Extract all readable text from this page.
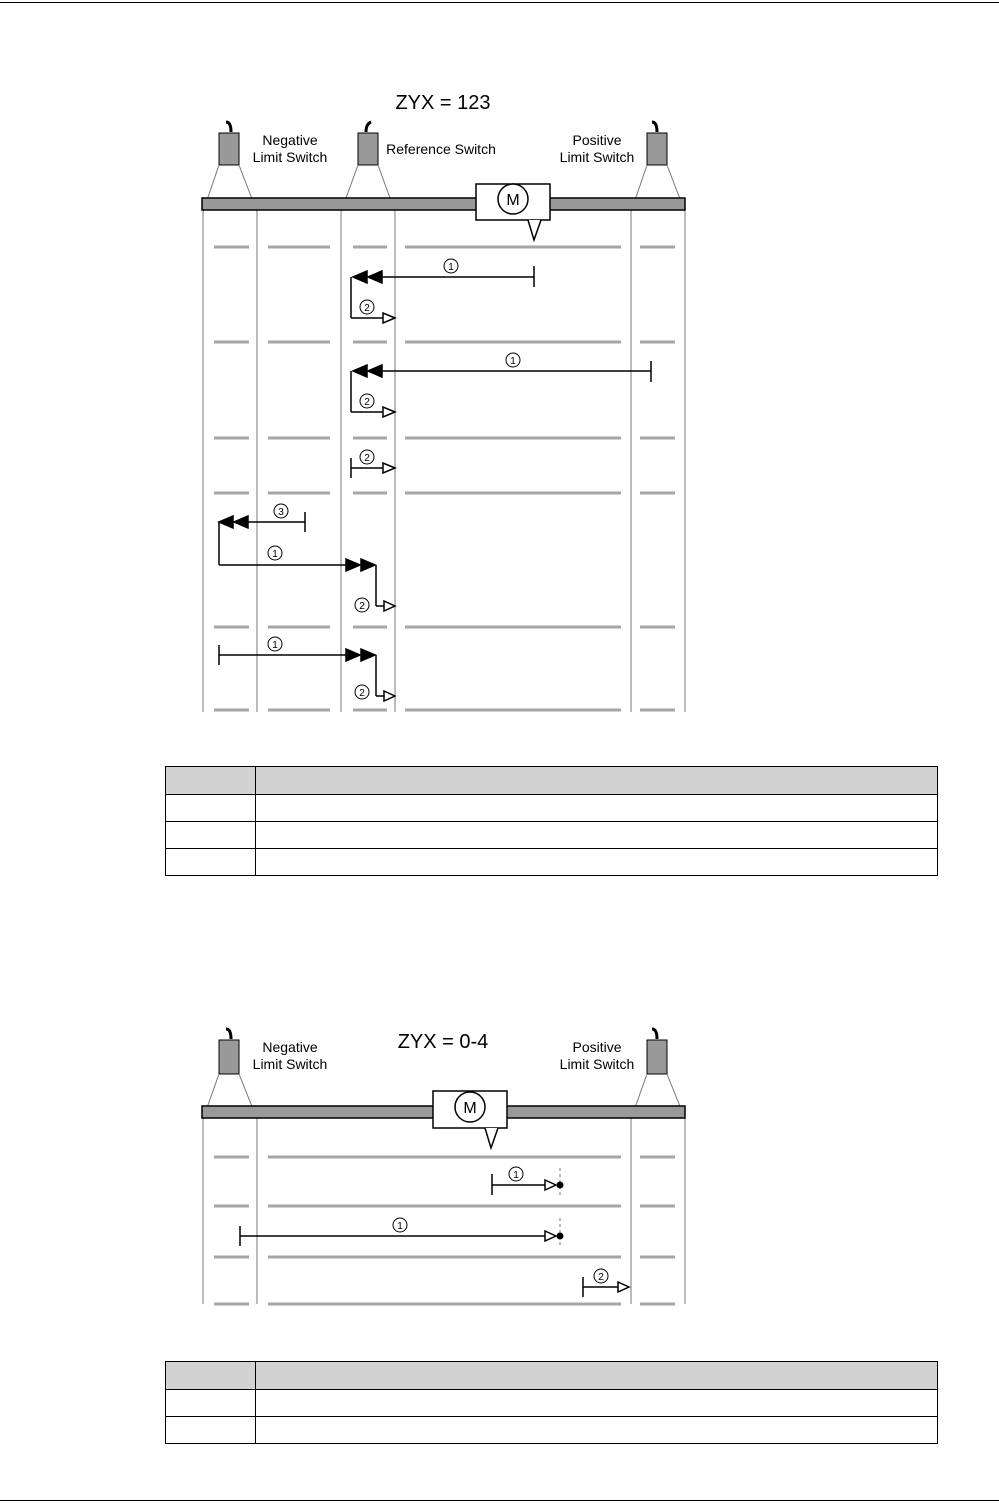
ZYX = 123
Negative
Limit Switch	Reference Switch
Positive
Limit Switch
M
1
2
1
2
2
3
1
2
1
2

ZYX = 0-4
Negative
Limit Switch
Positive
Limit Switch
M
1
1
2
